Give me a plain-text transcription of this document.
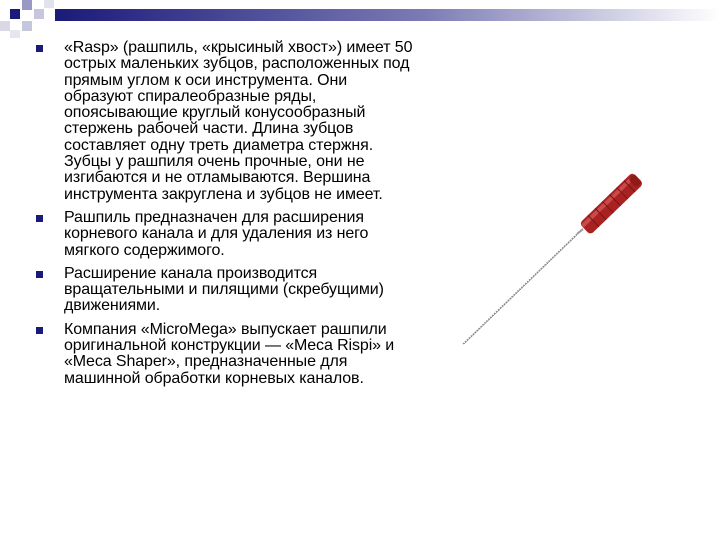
«Rasp» (рашпиль, «крысиный хвост») имеет 50 острых маленьких зубцов, расположенных под прямым углом к оси инструмента. Они образуют спиралеобразные ряды, опоясывающие круглый конусообразный стержень рабочей части. Длина зубцов составляет одну треть диаметра стержня. Зубцы у рашпиля очень прочные, они не изгибаются и не отламываются. Вершина инструмента закруглена и зубцов не имеет.
Рашпиль предназначен для расширения корневого канала и для удаления из него мягкого содержимого.
Расширение канала производится вращательными и пилящими (скребущими) движениями.
Компания «MicroMega» выпускает рашпили оригинальной конструкции — «Meca Rispi» и «Meca Shaper», предназначенные для машинной обработки корневых каналов.
